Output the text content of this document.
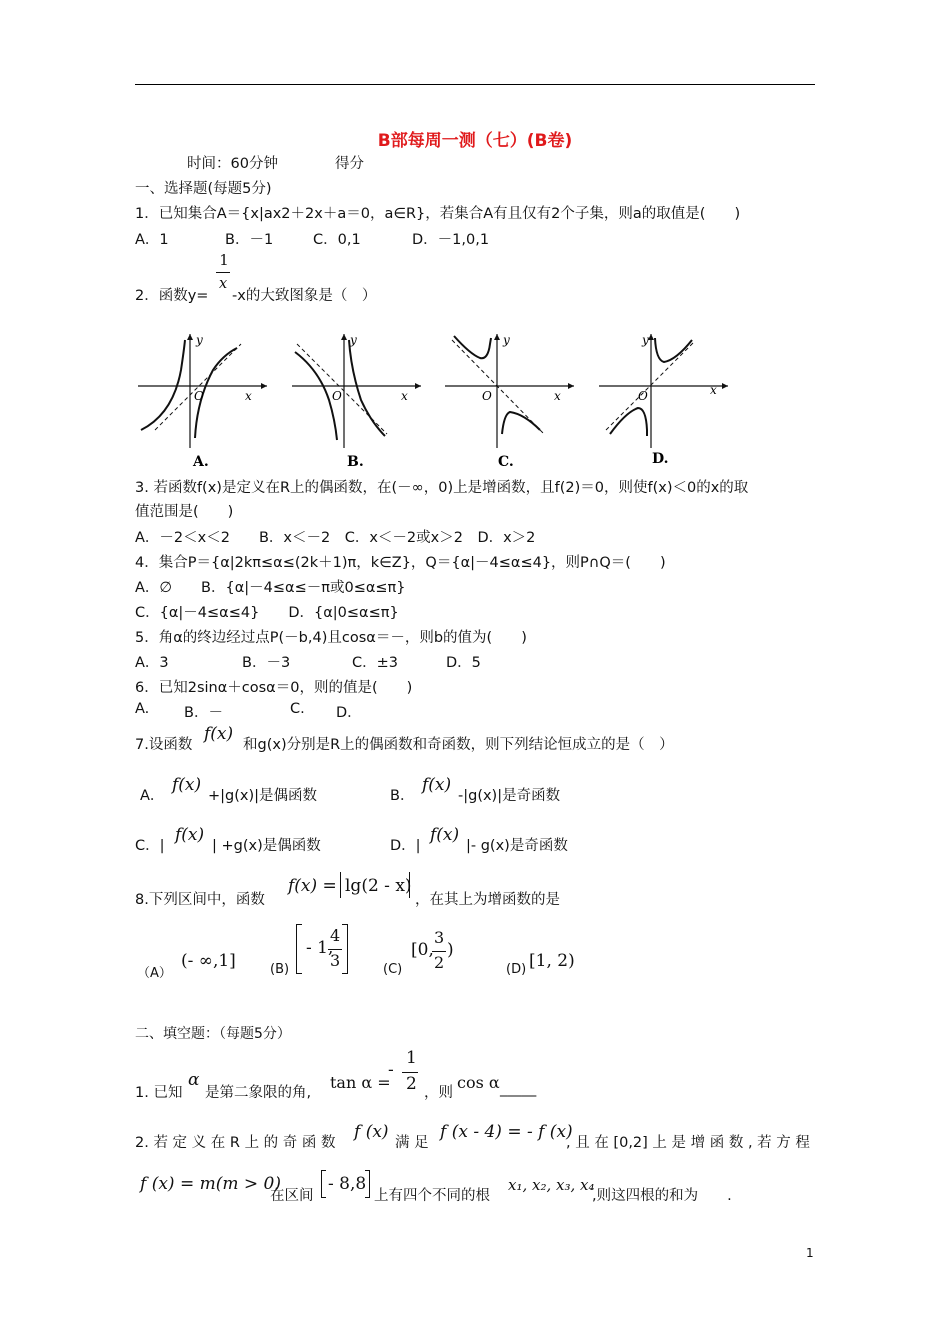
B部每周一测（七）(B卷)
时间：60分钟	得分
一、选择题(每题5分)
1．已知集合A＝{x|ax2＋2x＋a＝0，a∈R}，若集合A有且仅有2个子集，则a的取值是(　　)
A．1	B．－1	C．0,1	D．－1,0,1
1
2．函数y=
x
-x的大致图象是（　）
y
x
O
A.
y
x
O
B.
y
x
O
C.
y
x
O
D.
3. 若函数f(x)是定义在R上的偶函数，在(－∞，0)上是增函数，且f(2)＝0，则使f(x)＜0的x的取
值范围是(　　)
A．－2＜x＜2　　B．x＜－2　C．x＜－2或x＞2　D．x＞2
4．集合P＝{α|2kπ≤α≤(2k＋1)π，k∈Z}，Q＝{α|－4≤α≤4}，则P∩Q＝(　　)
A．∅　　B．{α|－4≤α≤－π或0≤α≤π}
C．{α|－4≤α≤4}　　D．{α|0≤α≤π}
5．角α的终边经过点P(－b,4)且cosα＝－，则b的值为(　　)
A．3	B．－3	C．±3	D．5
6．已知2sinα＋cosα＝0，则的值是(　　)
A. B．－	C. D．
7.设函数
f(x)
和g(x)分别是R上的偶函数和奇函数，则下列结论恒成立的是（　）
A．
f(x)
+|g(x)|是偶函数	B．
f(x)
-|g(x)|是奇函数
C．|
f(x)
| +g(x)是偶函数	D．|
f(x)
|- g(x)是奇函数
8.下列区间中，函数
f(x) = lg(2 - x)
，在其上为增函数的是
（A）
(- ∞,1]	(B)
- 1,
4
3	(C)
[0,
3
2
)
(D) [1, 2)
二、填空题：（每题5分）
1. 已知
α
是第二象限的角,
tan α =
-
1
2 ，则
cos α _____
2. 若 定 义 在 R 上 的 奇 函 数
f (x)
满 足
f (x - 4) = - f (x)
, 且 在 [0,2] 上 是 增 函 数 , 若 方 程
f (x) = m(m > 0)
在区间
- 8,8
上有四个不同的根
x₁, x₂, x₃, x₄
,则这四根的和为　　.
1
